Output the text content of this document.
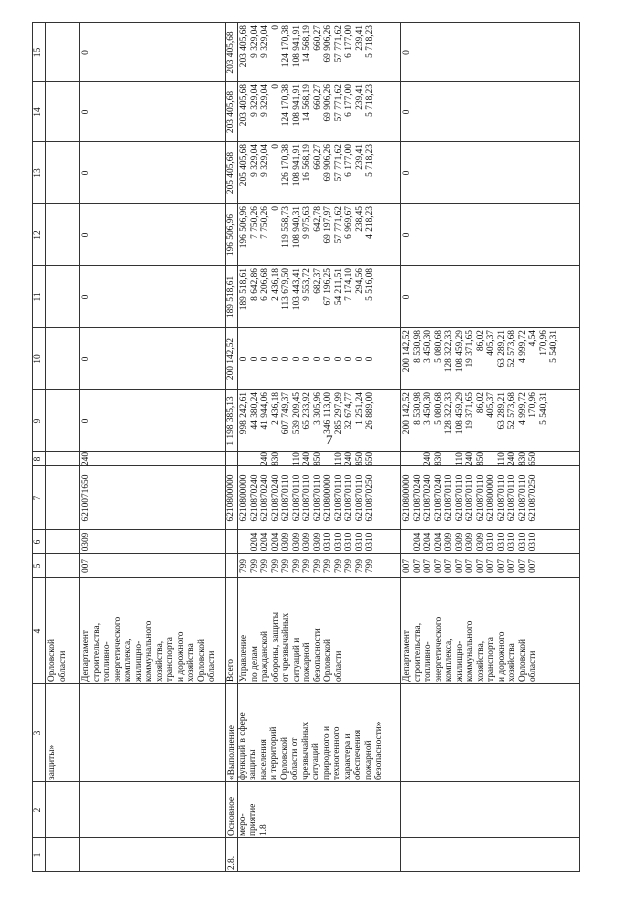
7
1
2
3
4
5
6
7
8
9
10
11
12
13
14
15
защиты»
Орловской
области	Департамент
строительства,
топливно-
энергетического
комплекса,
жилищно-
коммунального
хозяйства,
транспорта
и дорожного
хозяйства
Орловской
области
007
0309
6210071650
240
0
0
0
0
0
0
0
2.8.
Основное
меро-
приятие
1.8
«Выполнение
функций в сфере
защиты
населения
и территорий
Орловской
области от
чрезвычайных
ситуаций
природного и
техногенного
характера и
обеспечения
пожарной
безопасности»
Всего
6210800000
1 198 385,13
200 142,52
189 518,61
196 506,96
205 405,68
203 405,68
203 405,68
Управление
по делам
гражданской
обороны, защиты
от чрезвычайных
ситуаций и
пожарной
безопасности
Орловской
области
799
799
799
799
799
799
799
799
799
799
799
799
799

0204
0204
0204
0309
0309
0309
0309
0310
0310
0310
0310
0310
6210800000
6210870240
6210870240
6210870240
6210870110
6210870110
6210870110
6210870110
6210800000
6210870110
6210870110
6210870110
6210870250

240
830

110
240
850

110
240
850
650
998 242,61
44 380,24
41 944,06
2 436,18
607 749,37
539 209,45
65 233,92
3 305,96
346 113,00
285 297,99
32 674,77
1 251,24
26 889,00
0
0
0
0
0
0
0
0
0
0
0
0
0
189 518,61
8 642,86
6 206,68
2 436,18
113 679,50
103 443,41
9 553,72
682,37
67 196,25
54 211,51
7 174,10
294,56
5 516,08
196 506,96
7 750,26
7 750,26
0
119 558,73
108 940,31
9 975,63
642,78
69 197,97
57 771,62
6 969,67
238,45
4 218,23
205 405,68
9 329,04
9 329,04
0
126 170,38
108 941,91
16 568,19
660,27
69 906,26
57 771,62
6 177,00
239,41
5 718,23
203 405,68
9 329,04
9 329,04
0
124 170,38
108 941,91
14 568,19
660,27
69 906,26
57 771,62
6 177,00
239,41
5 718,23
203 405,68
9 329,04
9 329,04
0
124 170,38
108 941,91
14 568,19
660,27
69 906,26
57 771,62
6 177,00
239,41
5 718,23
Департамент
строительства,
топливно-
энергетического
комплекса,
жилищно-
коммунального
хозяйства,
транспорта
и дорожного
хозяйства
Орловской
области
007
007
007
007
007
007
007
007
007
007
007
007
007

0204
0204
0204
0309
0309
0309
0309
0310
0310
0310
0310
0310
6210800000
6210870240
6210870240
6210870240
6210870110
6210870110
6210870110
6210870110
6210800000
6210870110
6210870110
6210870110
6210870250

240
830

110
240
850

110
240
830
650
200 142,52
8 530,98
3 450,30
5 080,68
128 322,33
108 459,29
19 371,65
86,02
405,37
63 289,21
52 573,68
4 999,72
170,96
5 540,31
200 142,52
8 530,98
3 450,30
5 080,68
128 322,33
108 459,29
19 371,65
86,02
405,37
63 289,21
52 573,68
4 999,72
4,54
170,96
5 540,31
0
0
0
0
0
